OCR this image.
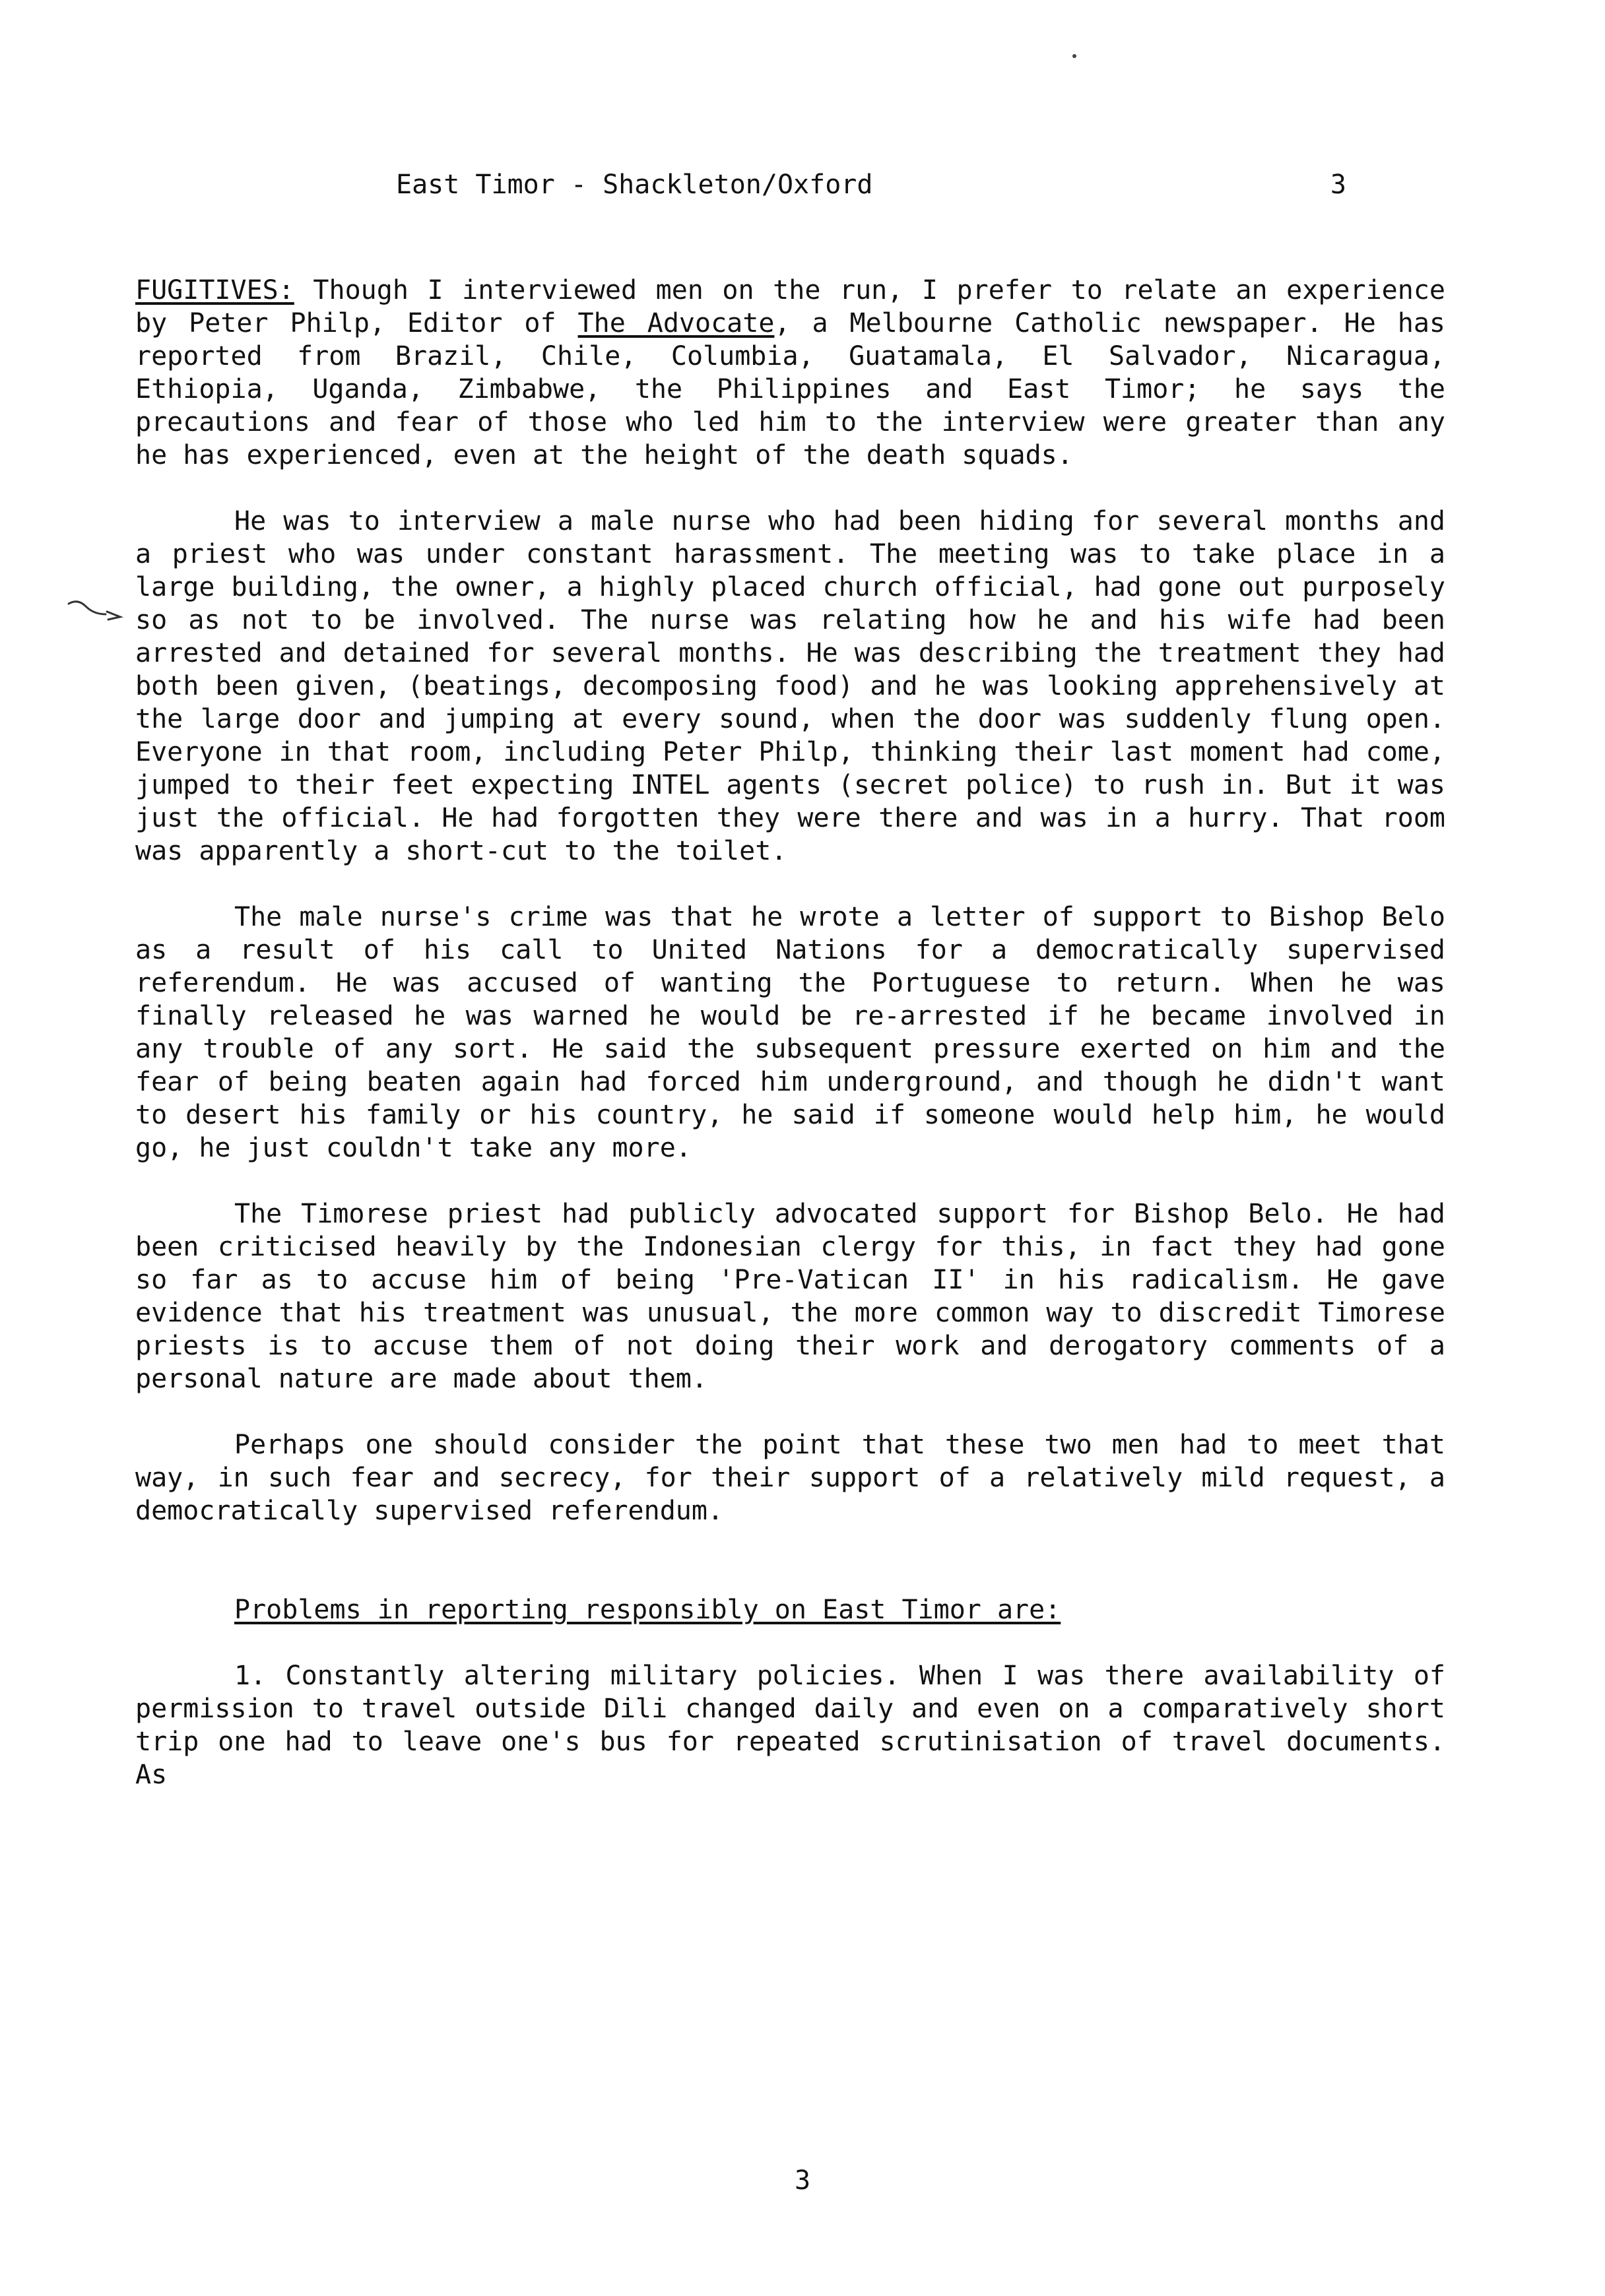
East Timor - Shackleton/Oxford	3

FUGITIVES: Though I interviewed men on the run, I prefer to relate an experience by Peter Philp, Editor of The Advocate, a Melbourne Catholic newspaper. He has reported from Brazil, Chile, Columbia, Guatamala, El Salvador, Nicaragua, Ethiopia, Uganda, Zimbabwe, the Philippines and East Timor; he says the precautions and fear of those who led him to the interview were greater than any he has experienced, even at the height of the death squads.

He was to interview a male nurse who had been hiding for several months and a priest who was under constant harassment. The meeting was to take place in a large building, the owner, a highly placed church official, had gone out purposely so as not to be involved. The nurse was relating how he and his wife had been arrested and detained for several months. He was describing the treatment they had both been given, (beatings, decomposing food) and he was looking apprehensively at the large door and jumping at every sound, when the door was suddenly flung open. Everyone in that room, including Peter Philp, thinking their last moment had come, jumped to their feet expecting INTEL agents (secret police) to rush in. But it was just the official. He had forgotten they were there and was in a hurry. That room was apparently a short-cut to the toilet.

The male nurse's crime was that he wrote a letter of support to Bishop Belo as a result of his call to United Nations for a democratically supervised referendum. He was accused of wanting the Portuguese to return. When he was finally released he was warned he would be re-arrested if he became involved in any trouble of any sort. He said the subsequent pressure exerted on him and the fear of being beaten again had forced him underground, and though he didn't want to desert his family or his country, he said if someone would help him, he would go, he just couldn't take any more.

The Timorese priest had publicly advocated support for Bishop Belo. He had been criticised heavily by the Indonesian clergy for this, in fact they had gone so far as to accuse him of being 'Pre-Vatican II' in his radicalism. He gave evidence that his treatment was unusual, the more common way to discredit Timorese priests is to accuse them of not doing their work and derogatory comments of a personal nature are made about them.

Perhaps one should consider the point that these two men had to meet that way, in such fear and secrecy, for their support of a relatively mild request, a democratically supervised referendum.

Problems in reporting responsibly on East Timor are:

1. Constantly altering military policies. When I was there availability of permission to travel outside Dili changed daily and even on a comparatively short trip one had to leave one's bus for repeated scrutinisation of travel documents. As

3
